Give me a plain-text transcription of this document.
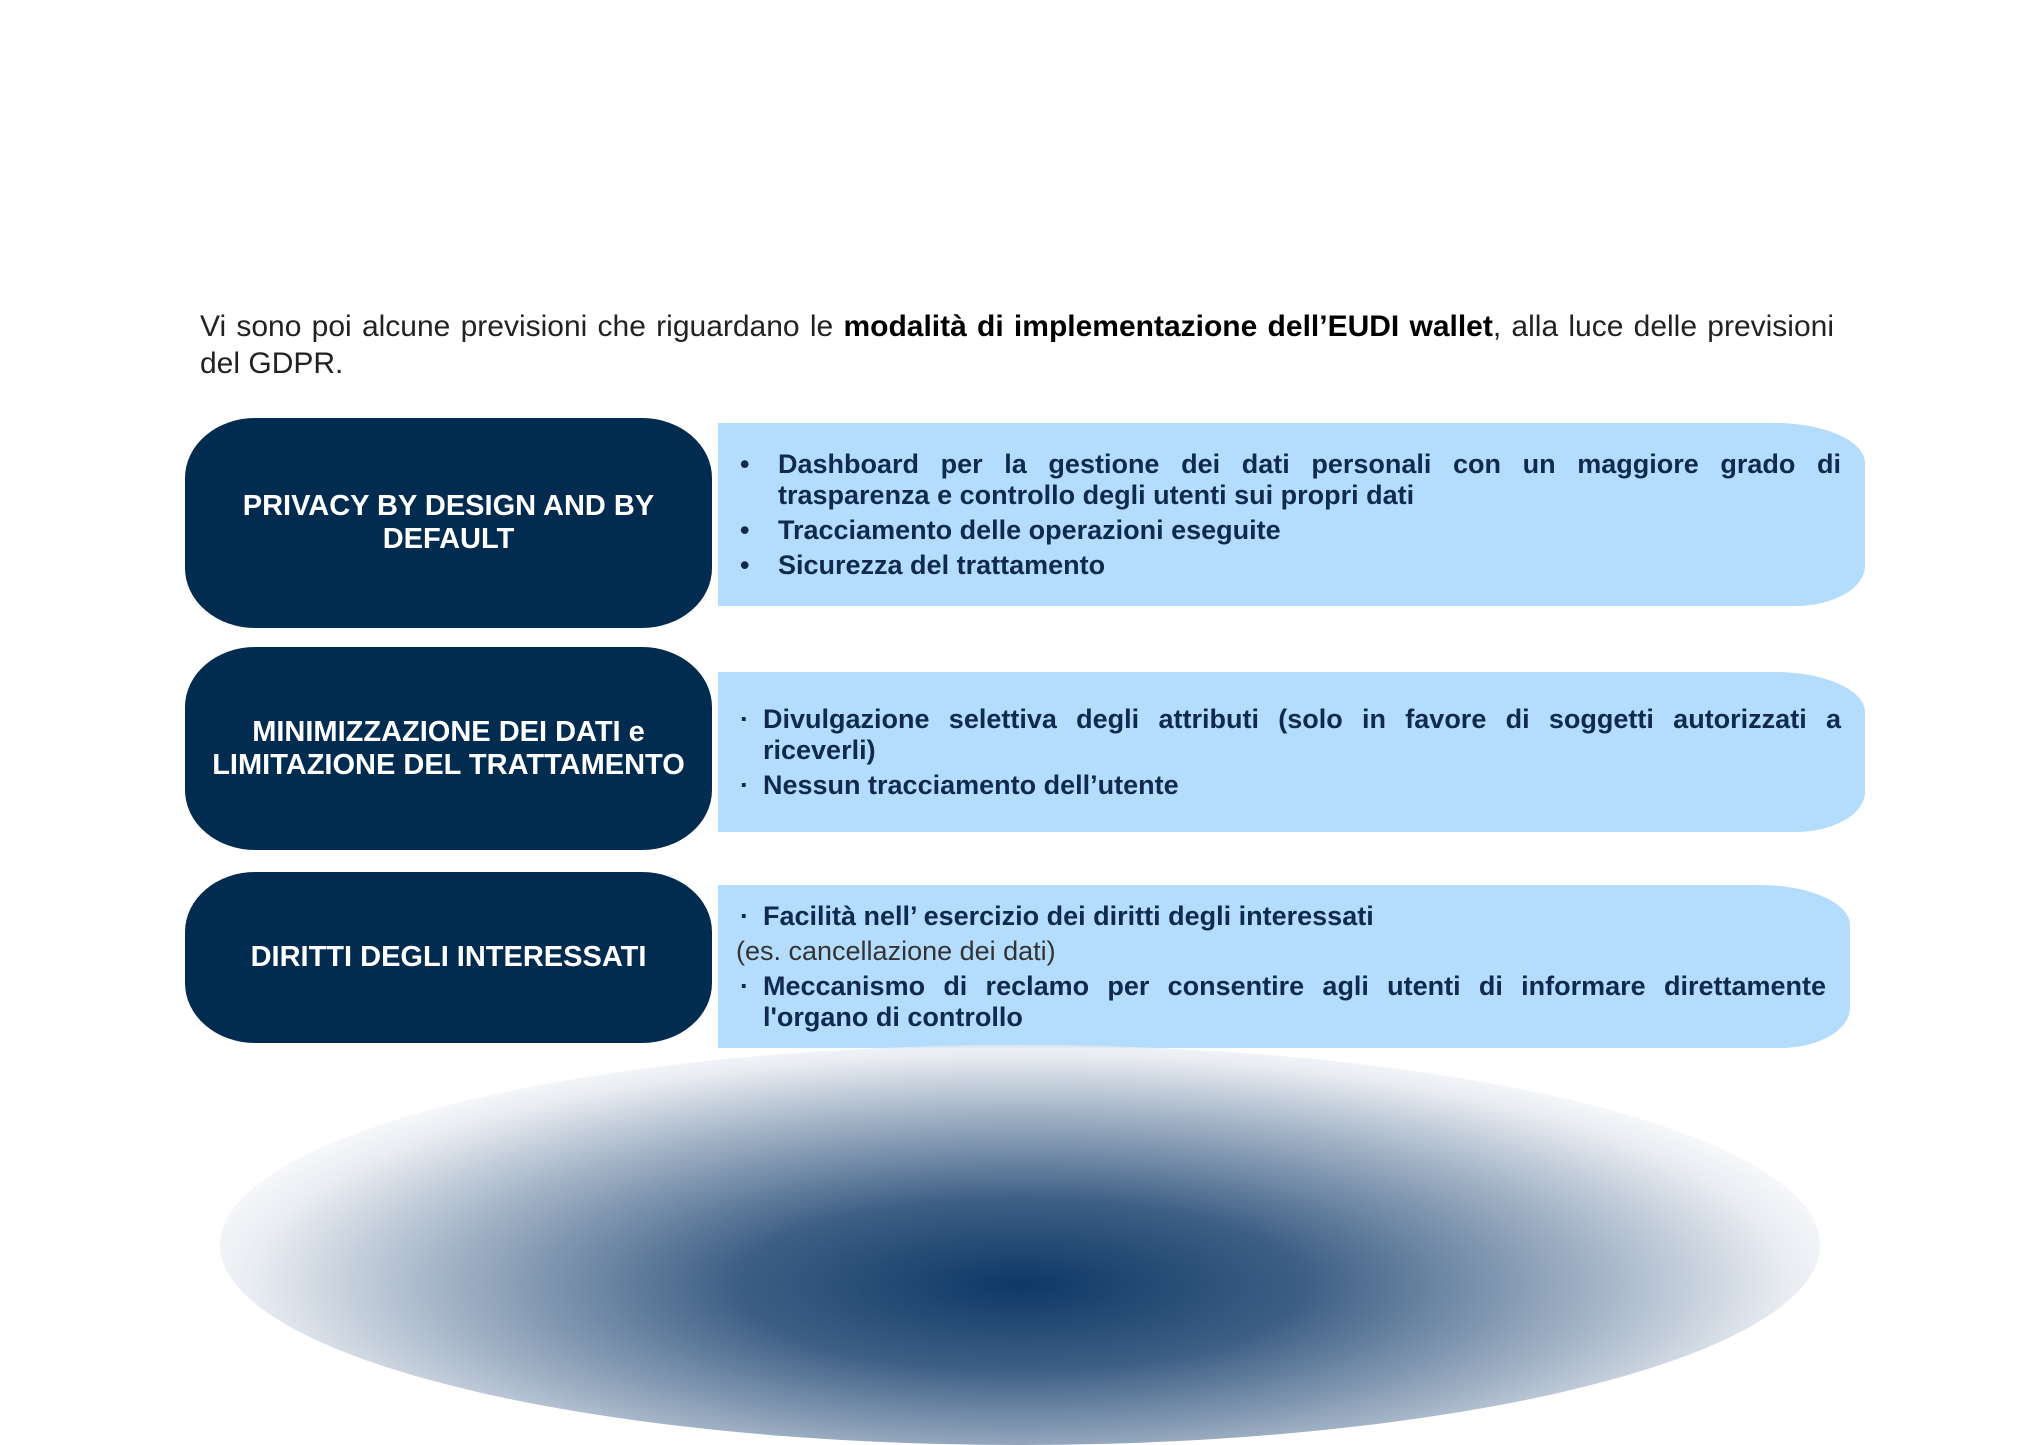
Vi sono poi alcune previsioni che riguardano le modalità di implementazione dell’EUDI wallet, alla luce delle previsioni del GDPR.

PRIVACY BY DESIGN AND BY DEFAULT
•	Dashboard per la gestione dei dati personali con un maggiore grado di trasparenza e controllo degli utenti sui propri dati
•	Tracciamento delle operazioni eseguite
•	Sicurezza del trattamento
MINIMIZZAZIONE DEI DATI e LIMITAZIONE DEL TRATTAMENTO
· Divulgazione selettiva degli attributi (solo in favore di soggetti autorizzati a riceverli)
· Nessun tracciamento dell’utente
DIRITTI DEGLI INTERESSATI
· Facilità nell’ esercizio dei diritti degli interessati
(es. cancellazione dei dati)
· Meccanismo di reclamo per consentire agli utenti di informare direttamente l'organo di controllo
